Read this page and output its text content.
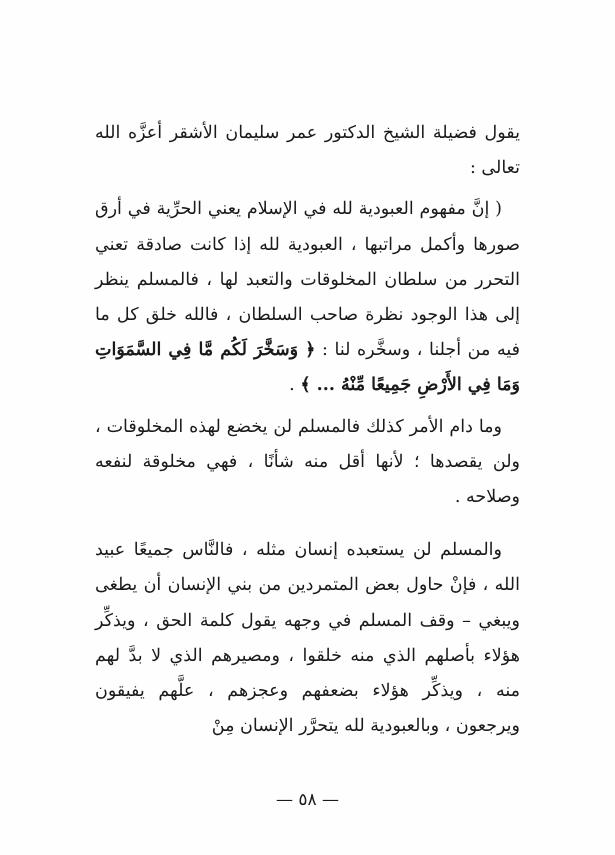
يقول فضيلة الشيخ الدكتور عمر سليمان الأشقر أعزَّه الله تعالى :

( إنَّ مفهوم العبودية لله في الإسلام يعني الحرِّية في أرق صورها وأكمل مراتبها ، العبودية لله إذا كانت صادقة تعني التحرر من سلطان المخلوقات والتعبد لها ، فالمسلم ينظر إلى هذا الوجود نظرة صاحب السلطان ، فالله خلق كل ما فيه من أجلنا ، وسخَّره لنا : ﴿ وَسَخَّرَ لَكُم مَّا فِي السَّمَوَاتِ وَمَا فِي الأَرْضِ جَمِيعًا مِّنْهُ ... ﴾ .

وما دام الأمر كذلك فالمسلم لن يخضع لهذه المخلوقات ، ولن يقصدها ؛ لأنها أقل منه شأنًا ، فهي مخلوقة لنفعه وصلاحه .

والمسلم لن يستعبده إنسان مثله ، فالنَّاس جميعًا عبيد الله ، فإنْ حاول بعض المتمردين من بني الإنسان أن يطغى ويبغي – وقف المسلم في وجهه يقول كلمة الحق ، ويذكِّر هؤلاء بأصلهم الذي منه خلقوا ، ومصيرهم الذي لا بدَّ لهم منه ، ويذكِّر هؤلاء بضعفهم وعجزهم ، علَّهم يفيقون ويرجعون ، وبالعبودية لله يتحرَّر الإنسان مِنْ

— ٥٨ —
